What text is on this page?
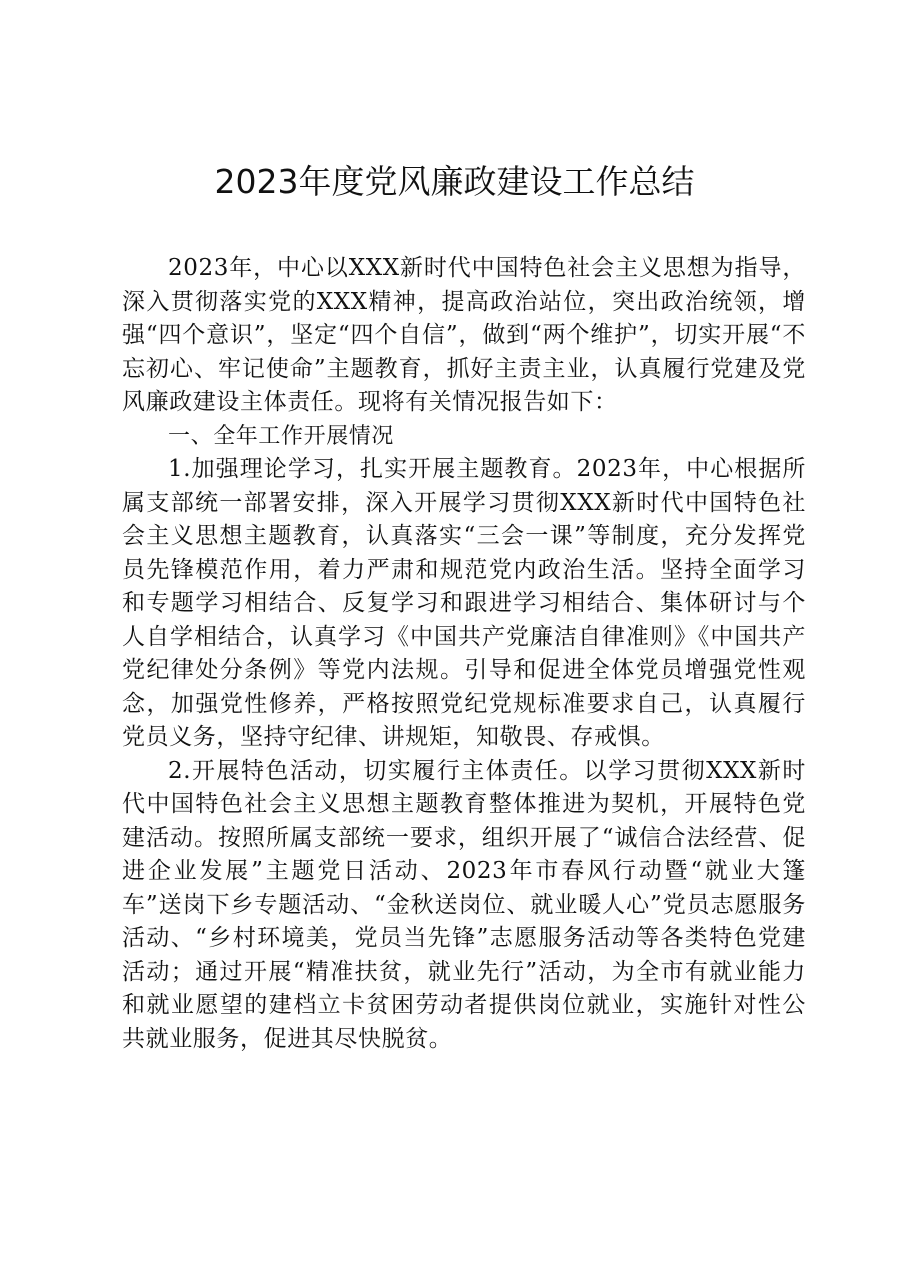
2023年度党风廉政建设工作总结

2023年，中心以XXX新时代中国特色社会主义思想为指导，深入贯彻落实党的XXX精神，提高政治站位，突出政治统领，增强“四个意识”，坚定“四个自信”，做到“两个维护”，切实开展“不忘初心、牢记使命”主题教育，抓好主责主业，认真履行党建及党风廉政建设主体责任。现将有关情况报告如下：

一、全年工作开展情况

1.加强理论学习，扎实开展主题教育。2023年，中心根据所属支部统一部署安排，深入开展学习贯彻XXX新时代中国特色社会主义思想主题教育，认真落实“三会一课”等制度，充分发挥党员先锋模范作用，着力严肃和规范党内政治生活。坚持全面学习和专题学习相结合、反复学习和跟进学习相结合、集体研讨与个人自学相结合，认真学习《中国共产党廉洁自律准则》《中国共产党纪律处分条例》等党内法规。引导和促进全体党员增强党性观念，加强党性修养，严格按照党纪党规标准要求自己，认真履行党员义务，坚持守纪律、讲规矩，知敬畏、存戒惧。

2.开展特色活动，切实履行主体责任。以学习贯彻XXX新时代中国特色社会主义思想主题教育整体推进为契机，开展特色党建活动。按照所属支部统一要求，组织开展了“诚信合法经营、促进企业发展”主题党日活动、2023年市春风行动暨“就业大篷车”送岗下乡专题活动、“金秋送岗位、就业暖人心”党员志愿服务活动、“乡村环境美，党员当先锋”志愿服务活动等各类特色党建活动；通过开展“精准扶贫，就业先行”活动，为全市有就业能力和就业愿望的建档立卡贫困劳动者提供岗位就业，实施针对性公共就业服务，促进其尽快脱贫。
